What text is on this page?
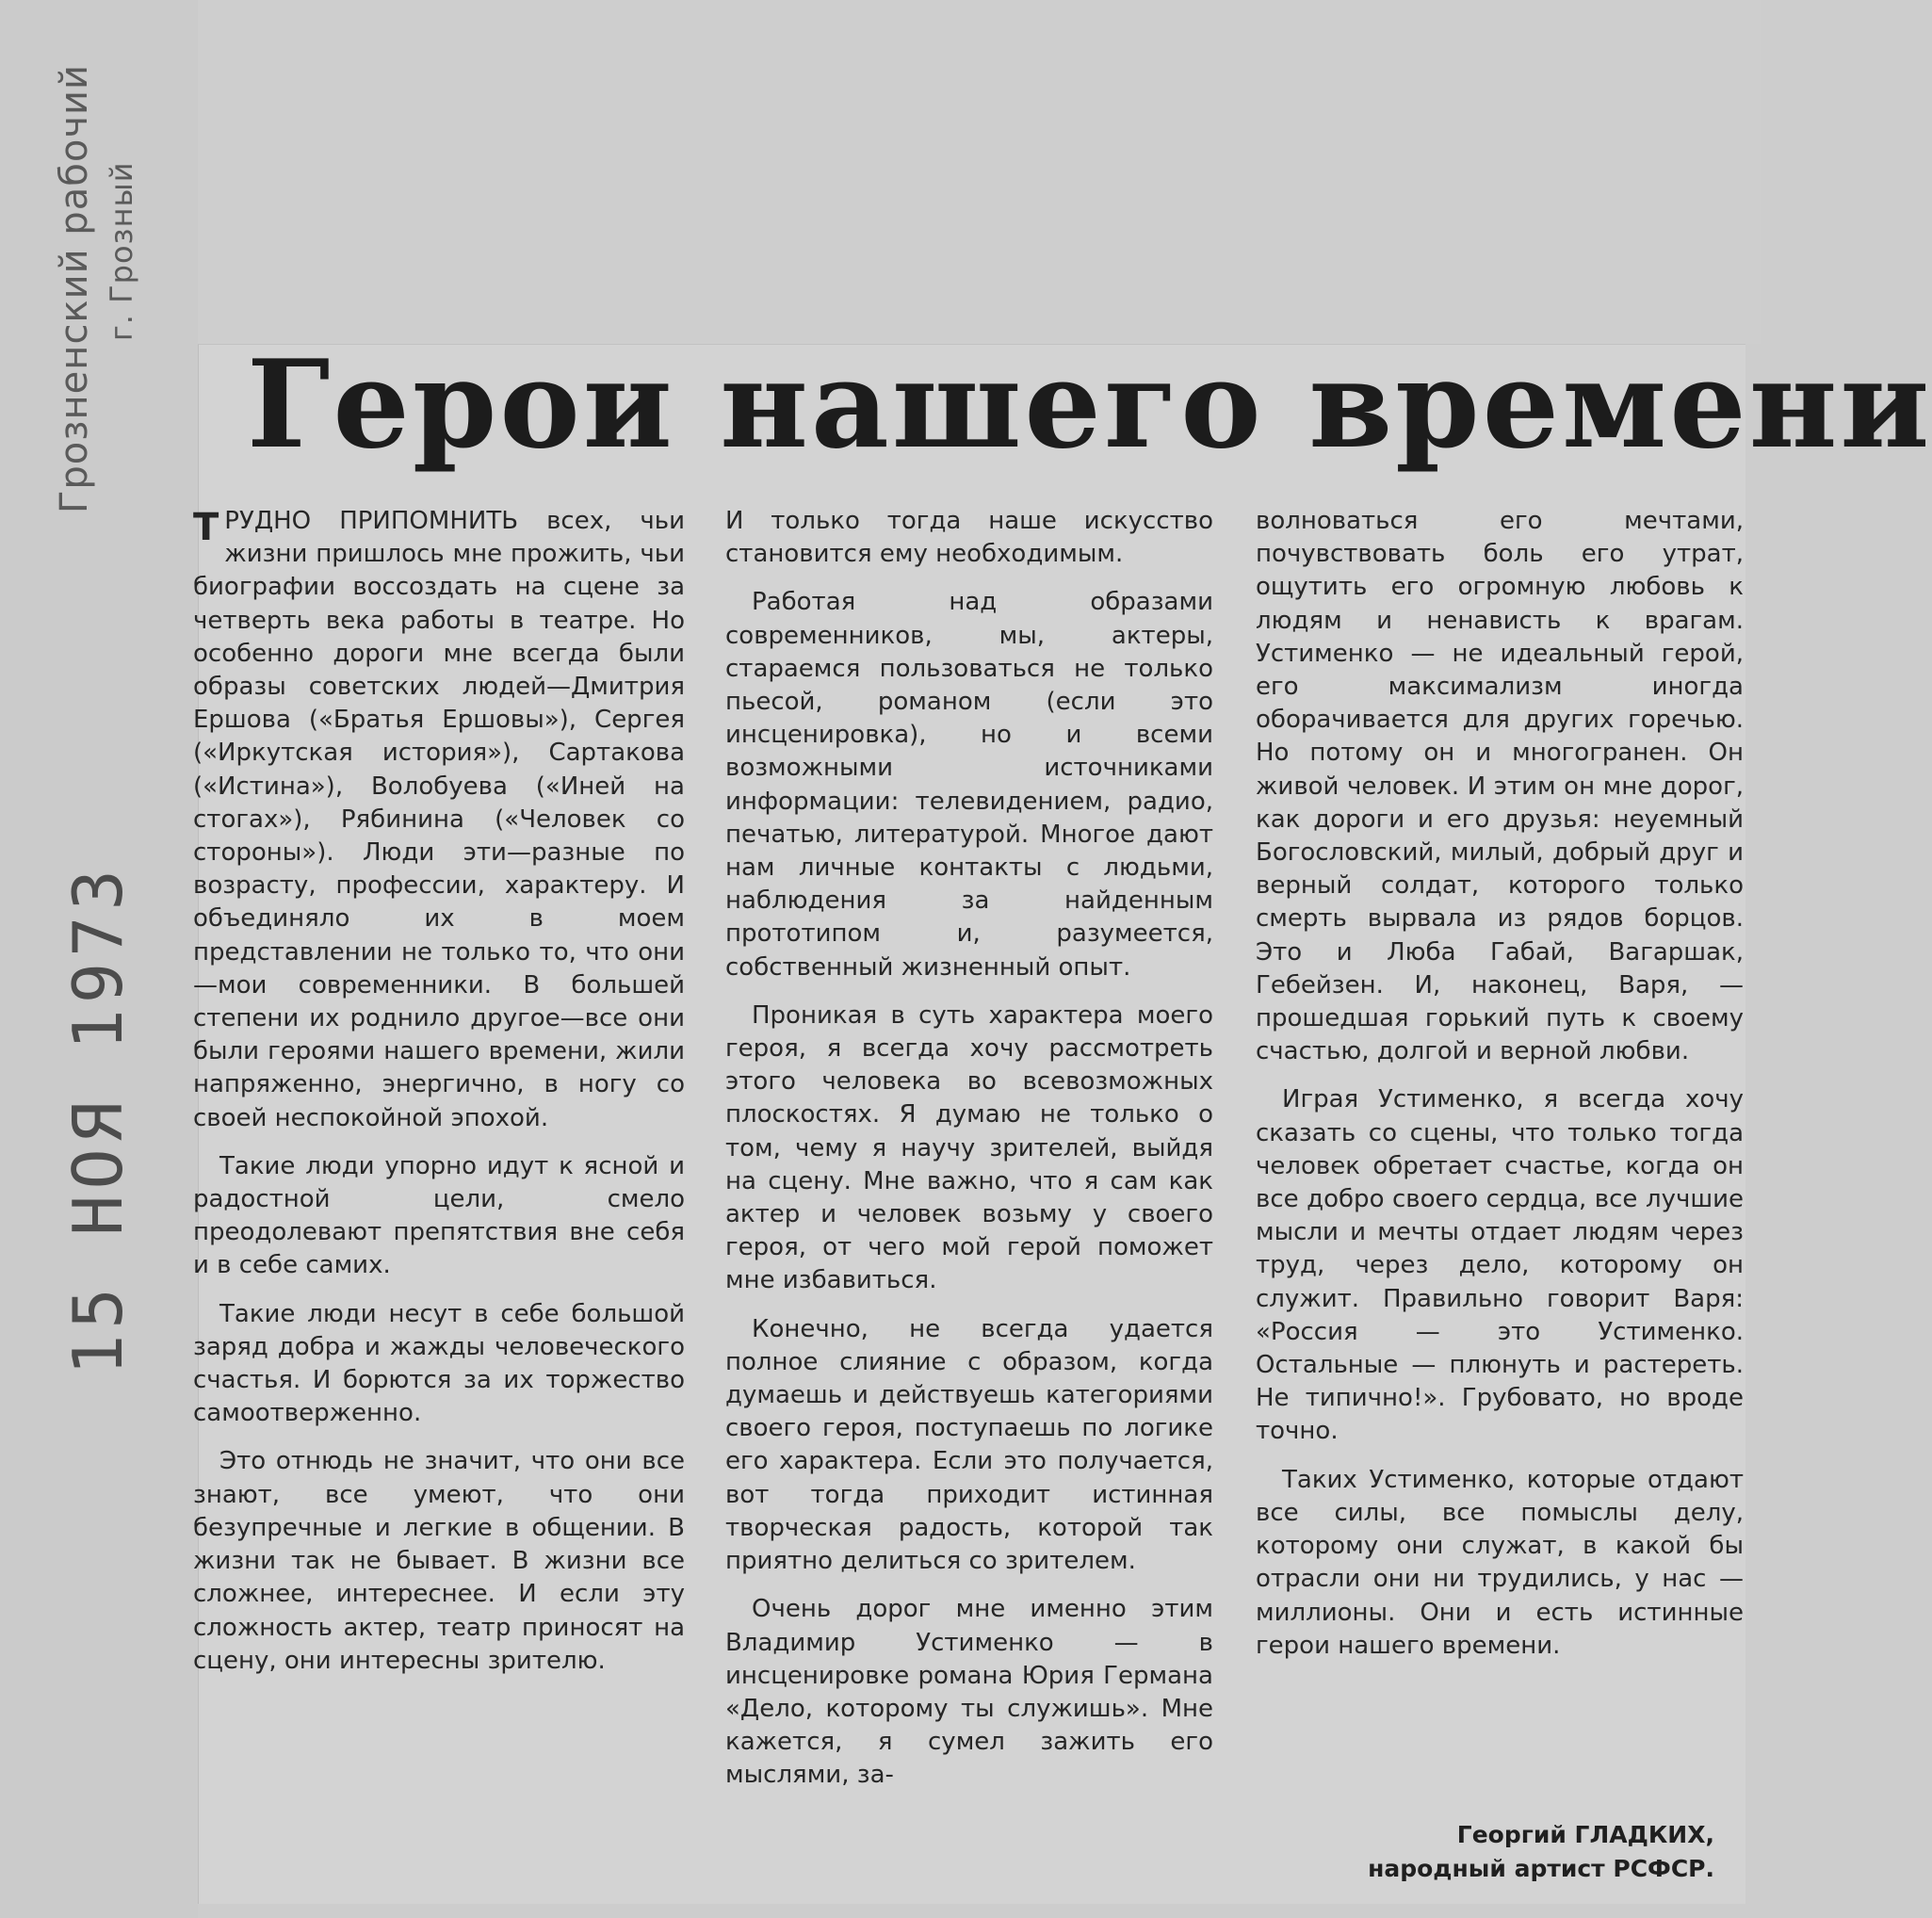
Грозненский рабочий г. Грозный
15 НОЯ 1973
Герои нашего времени

ТРУДНО ПРИПОМНИТЬ всех, чьи жизни пришлось мне прожить, чьи биографии воссоздать на сцене за четверть века работы в театре. Но особенно дороги мне всегда были образы советских людей—Дмитрия Ершова («Братья Ершовы»), Сергея («Иркутская история»), Сартакова («Истина»), Волобуева («Иней на стогах»), Рябинина («Человек со стороны»). Люди эти—разные по возрасту, профессии, характеру. И объединяло их в моем представлении не только то, что они—мои современники. В большей степени их роднило другое—все они были героями нашего времени, жили напряженно, энергично, в ногу со своей неспокойной эпохой.

Такие люди упорно идут к ясной и радостной цели, смело преодолевают препятствия вне себя и в себе самих.

Такие люди несут в себе большой заряд добра и жажды человеческого счастья. И борются за их торжество самоотверженно.

Это отнюдь не значит, что они все знают, все умеют, что они безупречные и легкие в общении. В жизни так не бывает. В жизни все сложнее, интереснее. И если эту сложность актер, театр приносят на сцену, они интересны зрителю.

И только тогда наше искусство становится ему необходимым.

Работая над образами современников, мы, актеры, стараемся пользоваться не только пьесой, романом (если это инсценировка), но и всеми возможными источниками информации: телевидением, радио, печатью, литературой. Многое дают нам личные контакты с людьми, наблюдения за найденным прототипом и, разумеется, собственный жизненный опыт.

Проникая в суть характера моего героя, я всегда хочу рассмотреть этого человека во всевозможных плоскостях. Я думаю не только о том, чему я научу зрителей, выйдя на сцену. Мне важно, что я сам как актер и человек возьму у своего героя, от чего мой герой поможет мне избавиться.

Конечно, не всегда удается полное слияние с образом, когда думаешь и действуешь категориями своего героя, поступаешь по логике его характера. Если это получается, вот тогда приходит истинная творческая радость, которой так приятно делиться со зрителем.

Очень дорог мне именно этим Владимир Устименко — в инсценировке романа Юрия Германа «Дело, которому ты служишь». Мне кажется, я сумел зажить его мыслями, за-

волноваться его мечтами, почувствовать боль его утрат, ощутить его огромную любовь к людям и ненависть к врагам. Устименко — не идеальный герой, его максимализм иногда оборачивается для других горечью. Но потому он и многогранен. Он живой человек. И этим он мне дорог, как дороги и его друзья: неуемный Богословский, милый, добрый друг и верный солдат, которого только смерть вырвала из рядов борцов. Это и Люба Габай, Вагаршак, Гебейзен. И, наконец, Варя, — прошедшая горький путь к своему счастью, долгой и верной любви.

Играя Устименко, я всегда хочу сказать со сцены, что только тогда человек обретает счастье, когда он все добро своего сердца, все лучшие мысли и мечты отдает людям через труд, через дело, которому он служит. Правильно говорит Варя: «Россия — это Устименко. Остальные — плюнуть и растереть. Не типично!». Грубовато, но вроде точно.

Таких Устименко, которые отдают все силы, все помыслы делу, которому они служат, в какой бы отрасли они ни трудились, у нас — миллионы. Они и есть истинные герои нашего времени.

Георгий ГЛАДКИХ,
народный артист РСФСР.
